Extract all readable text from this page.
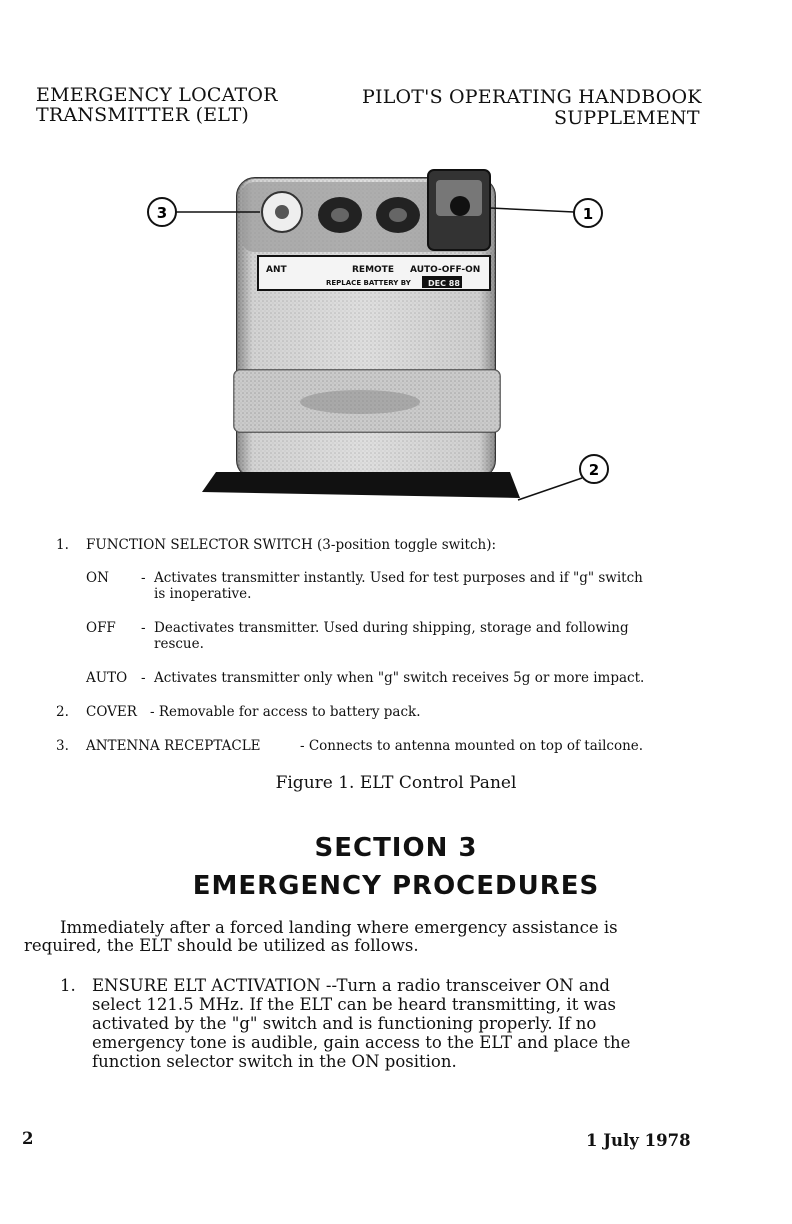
EMERGENCY LOCATOR
TRANSMITTER (ELT)
PILOT'S OPERATING HANDBOOK
SUPPLEMENT
ANT	REMOTE AUTO-OFF-ON
REPLACE BATTERY BY DEC 88
3	1
2
1. FUNCTION SELECTOR SWITCH (3-position toggle switch):
ON - Activates transmitter instantly. Used for test purposes and if "g" switch
is inoperative.
OFF - Deactivates transmitter. Used during shipping, storage and following
rescue.
AUTO - Activates transmitter only when "g" switch receives 5g or more impact.
2. COVER - Removable for access to battery pack.
3. ANTENNA RECEPTACLE	- Connects to antenna mounted on top of tailcone.
Figure 1. ELT Control Panel
SECTION 3
EMERGENCY PROCEDURES
Immediately after a forced landing where emergency assistance is
required, the ELT should be utilized as follows.
1. ENSURE ELT ACTIVATION --Turn a radio transceiver ON and
select 121.5 MHz. If the ELT can be heard transmitting, it was
activated by the "g" switch and is functioning properly. If no
emergency tone is audible, gain access to the ELT and place the
function selector switch in the ON position.
2	1 July 1978
